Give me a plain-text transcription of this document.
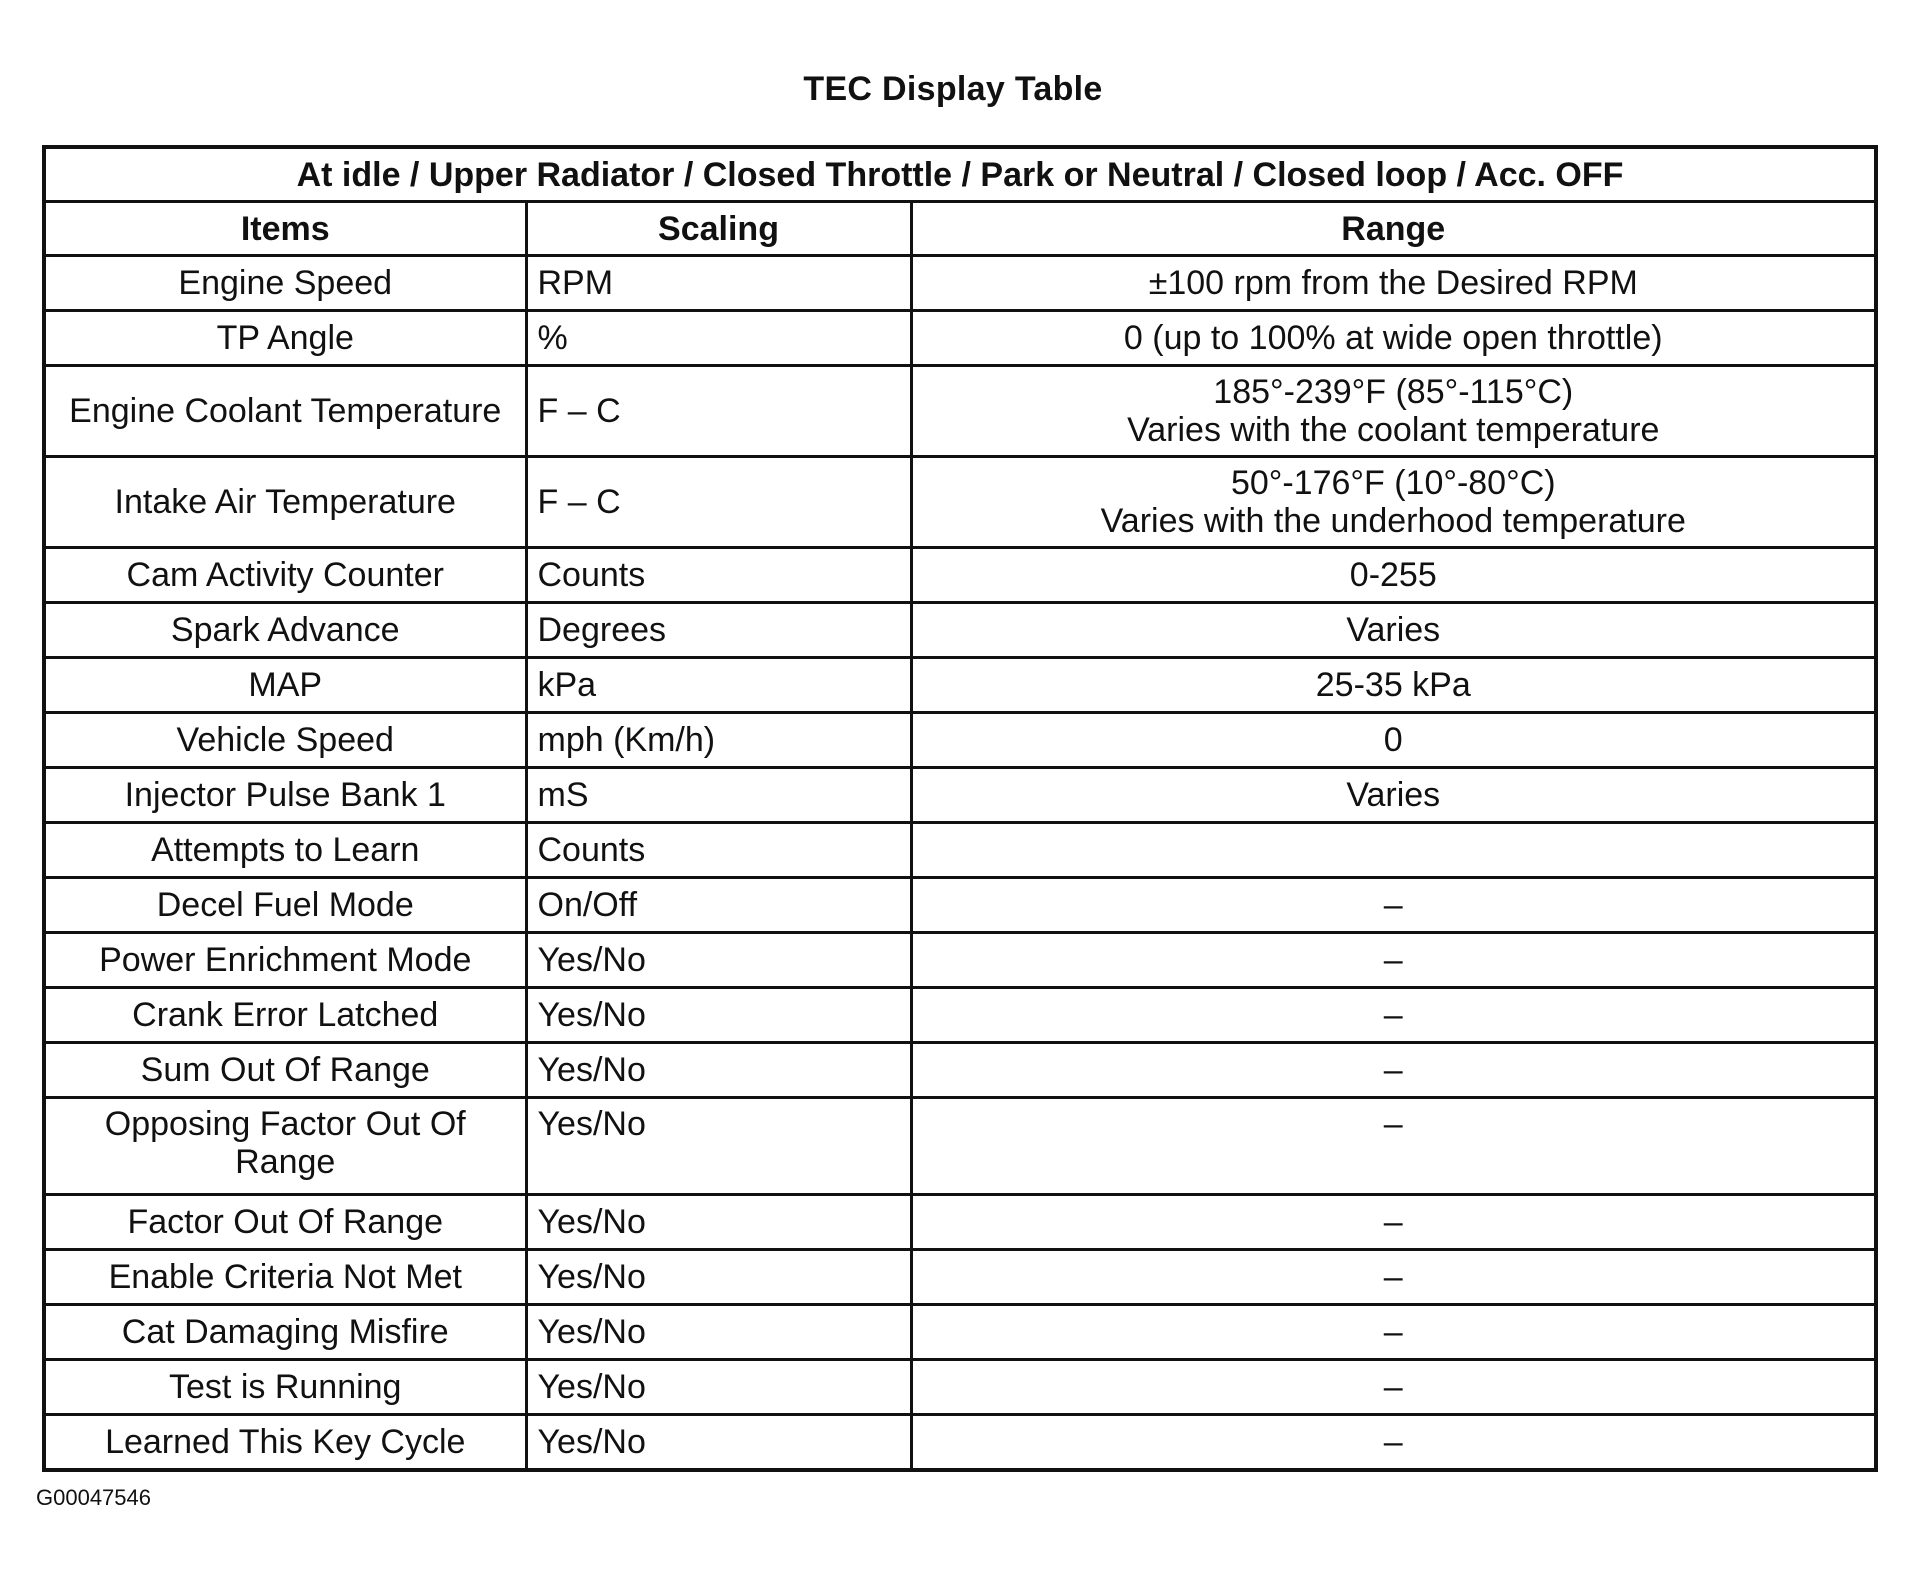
TEC Display Table
At idle / Upper Radiator / Closed Throttle / Park or Neutral / Closed loop / Acc. OFF		
Items	Scaling	Range
Engine Speed	RPM	±100 rpm from the Desired RPM

TP Angle	%	0 (up to 100% at wide open throttle)

Engine Coolant Temperature	F – C	185°-239°F (85°-115°C)
Varies with the coolant temperature

Intake Air Temperature	F – C	50°-176°F (10°-80°C)
Varies with the underhood temperature

Cam Activity Counter	Counts	0-255

Spark Advance	Degrees	Varies

MAP	kPa	25-35 kPa

Vehicle Speed	mph (Km/h)	0

Injector Pulse Bank 1	mS	Varies

Attempts to Learn	Counts	

Decel Fuel Mode	On/Off	–

Power Enrichment Mode	Yes/No	–

Crank Error Latched	Yes/No	–

Sum Out Of Range	Yes/No	–

Opposing Factor Out Of
Range	Yes/No	–

Factor Out Of Range	Yes/No	–

Enable Criteria Not Met	Yes/No	–

Cat Damaging Misfire	Yes/No	–

Test is Running	Yes/No	–

Learned This Key Cycle	Yes/No	–
G00047546
